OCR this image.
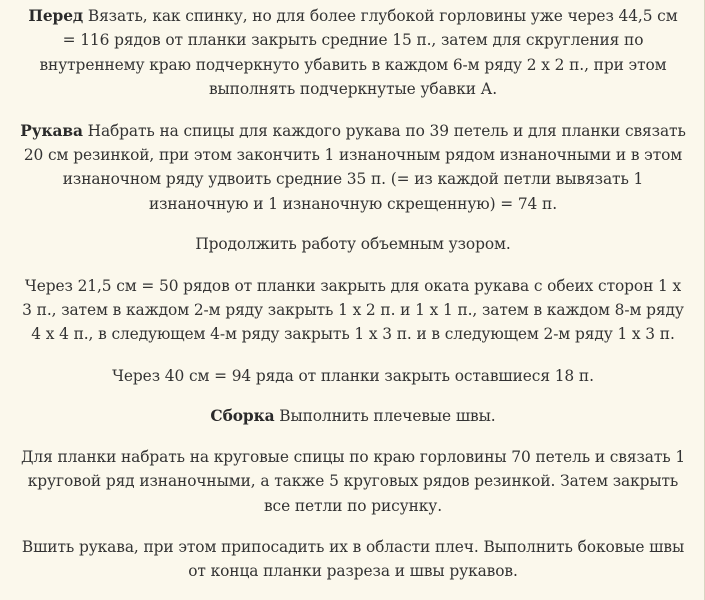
Перед Вязать, как спинку, но для более глубокой горловины уже через 44,5 см = 116 рядов от планки закрыть средние 15 п., затем для скругления по внутреннему краю подчеркнуто убавить в каждом 6-м ряду 2 х 2 п., при этом выполнять подчеркнутые убавки А.

Рукава Набрать на спицы для каждого рукава по 39 петель и для планки связать 20 см резинкой, при этом закончить 1 изнаночным рядом изнаночными и в этом изнаночном ряду удвоить средние 35 п. (= из каждой петли вывязать 1 изнаночную и 1 изнаночную скрещенную) = 74 п.

Продолжить работу объемным узором.

Через 21,5 см = 50 рядов от планки закрыть для оката рукава с обеих сторон 1 х 3 п., затем в каждом 2-м ряду закрыть 1 х 2 п. и 1 х 1 п., затем в каждом 8-м ряду 4 х 4 п., в следующем 4-м ряду закрыть 1 х 3 п. и в следующем 2-м ряду 1 х 3 п.

Через 40 см = 94 ряда от планки закрыть оставшиеся 18 п.

Сборка Выполнить плечевые швы.

Для планки набрать на круговые спицы по краю горловины 70 петель и связать 1 круговой ряд изнаночными, а также 5 круговых рядов резинкой. Затем закрыть все петли по рисунку.

Вшить рукава, при этом припосадить их в области плеч. Выполнить боковые швы от конца планки разреза и швы рукавов.
